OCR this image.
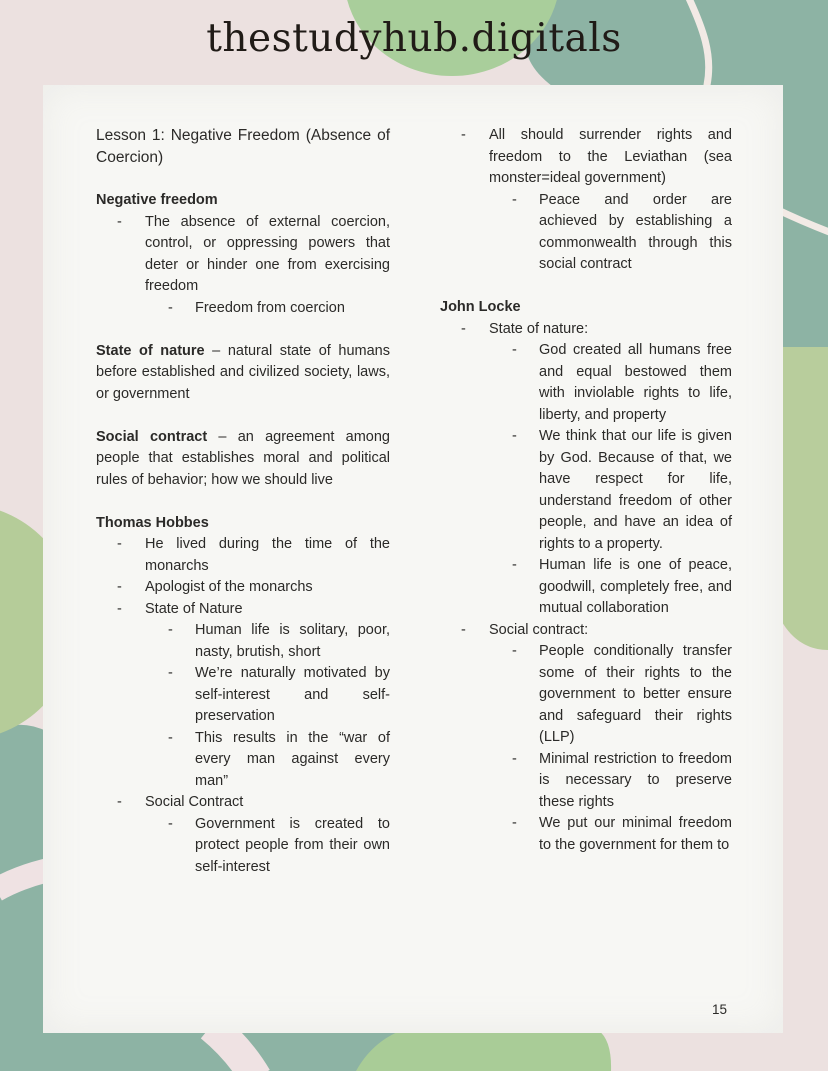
thestudyhub.digitals
Lesson 1: Negative Freedom (Absence of Coercion)
Negative freedom
- The absence of external coercion, control, or oppressing powers that deter or hinder one from exercising freedom
- Freedom from coercion
State of nature – natural state of humans before established and civilized society, laws, or government
Social contract – an agreement among people that establishes moral and political rules of behavior; how we should live
Thomas Hobbes
- He lived during the time of the monarchs
- Apologist of the monarchs
- State of Nature
- Human life is solitary, poor, nasty, brutish, short
- We’re naturally motivated by self-interest and self-preservation
- This results in the “war of every man against every man”
- Social Contract
- Government is created to protect people from their own self-interest
- All should surrender rights and freedom to the Leviathan (sea monster=ideal government)
- Peace and order are achieved by establishing a commonwealth through this social contract
John Locke
- State of nature:
- God created all humans free and equal bestowed them with inviolable rights to life, liberty, and property
- We think that our life is given by God. Because of that, we have respect for life, understand freedom of other people, and have an idea of rights to a property.
- Human life is one of peace, goodwill, completely free, and mutual collaboration
- Social contract:
- People conditionally transfer some of their rights to the government to better ensure and safeguard their rights (LLP)
- Minimal restriction to freedom is necessary to preserve these rights
- We put our minimal freedom to the government for them to
15
